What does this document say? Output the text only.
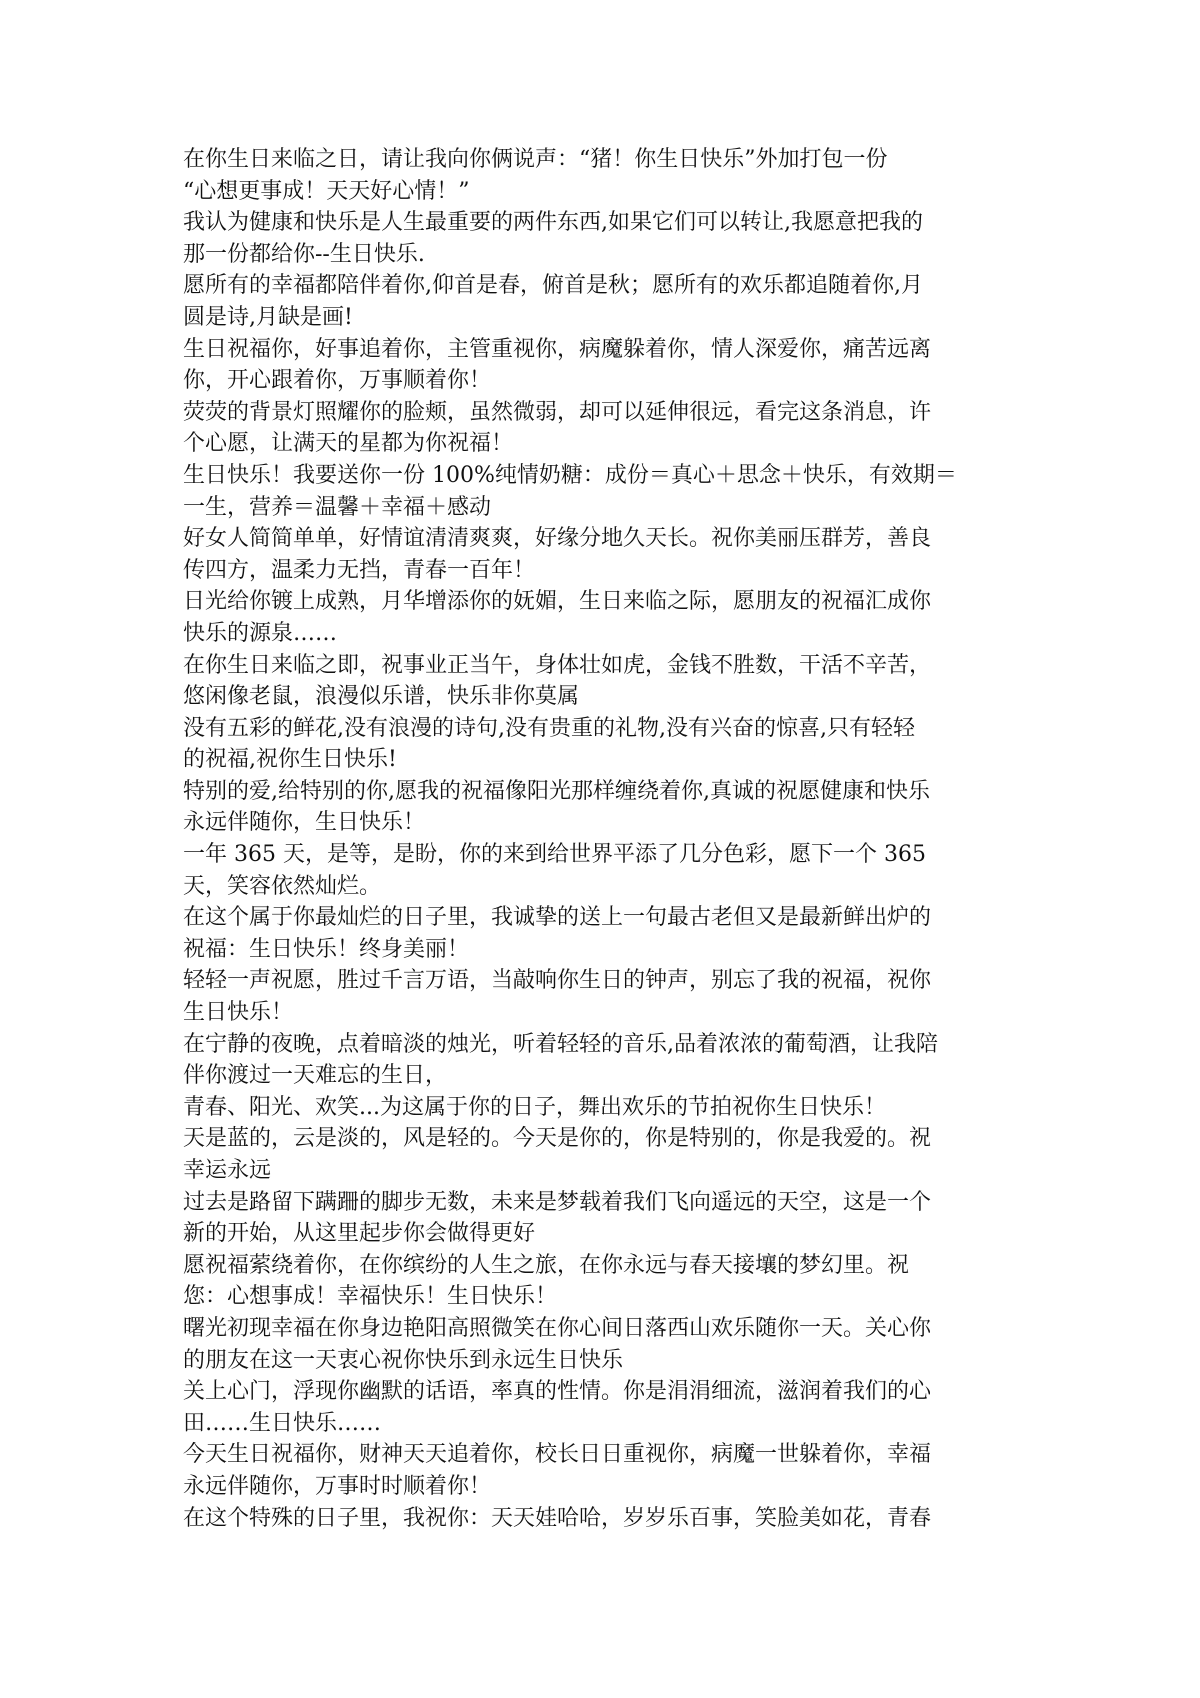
在你生日来临之日，请让我向你俩说声：“猪！你生日快乐”外加打包一份
“心想更事成！天天好心情！”
我认为健康和快乐是人生最重要的两件东西,如果它们可以转让,我愿意把我的
那一份都给你--生日快乐.
愿所有的幸福都陪伴着你,仰首是春，俯首是秋；愿所有的欢乐都追随着你,月
圆是诗,月缺是画!
生日祝福你，好事追着你，主管重视你，病魔躲着你，情人深爱你，痛苦远离
你，开心跟着你，万事顺着你！
荧荧的背景灯照耀你的脸颊，虽然微弱，却可以延伸很远，看完这条消息，许
个心愿，让满天的星都为你祝福！
生日快乐！我要送你一份 100%纯情奶糖：成份＝真心＋思念＋快乐，有效期＝
一生，营养＝温馨＋幸福＋感动
好女人简简单单，好情谊清清爽爽，好缘分地久天长。祝你美丽压群芳，善良
传四方，温柔力无挡，青春一百年！
日光给你镀上成熟，月华增添你的妩媚，生日来临之际，愿朋友的祝福汇成你
快乐的源泉……
在你生日来临之即，祝事业正当午，身体壮如虎，金钱不胜数，干活不辛苦，
悠闲像老鼠，浪漫似乐谱，快乐非你莫属
没有五彩的鲜花,没有浪漫的诗句,没有贵重的礼物,没有兴奋的惊喜,只有轻轻
的祝福,祝你生日快乐!
特别的爱,给特别的你,愿我的祝福像阳光那样缠绕着你,真诚的祝愿健康和快乐
永远伴随你，生日快乐！
一年 365 天，是等，是盼，你的来到给世界平添了几分色彩，愿下一个 365
天，笑容依然灿烂。
在这个属于你最灿烂的日子里，我诚挚的送上一句最古老但又是最新鲜出炉的
祝福：生日快乐！终身美丽！
轻轻一声祝愿，胜过千言万语，当敲响你生日的钟声，别忘了我的祝福，祝你
生日快乐！
在宁静的夜晚，点着暗淡的烛光，听着轻轻的音乐,品着浓浓的葡萄酒，让我陪
伴你渡过一天难忘的生日，
青春、阳光、欢笑...为这属于你的日子，舞出欢乐的节拍祝你生日快乐！
天是蓝的，云是淡的，风是轻的。今天是你的，你是特别的，你是我爱的。祝
幸运永远
过去是路留下蹒跚的脚步无数，未来是梦载着我们飞向遥远的天空，这是一个
新的开始，从这里起步你会做得更好
愿祝福萦绕着你，在你缤纷的人生之旅，在你永远与春天接壤的梦幻里。祝
您：心想事成！幸福快乐！生日快乐！
曙光初现幸福在你身边艳阳高照微笑在你心间日落西山欢乐随你一天。关心你
的朋友在这一天衷心祝你快乐到永远生日快乐
关上心门，浮现你幽默的话语，率真的性情。你是涓涓细流，滋润着我们的心
田……生日快乐……
今天生日祝福你，财神天天追着你，校长日日重视你，病魔一世躲着你，幸福
永远伴随你，万事时时顺着你！
在这个特殊的日子里，我祝你：天天娃哈哈，岁岁乐百事，笑脸美如花，青春
